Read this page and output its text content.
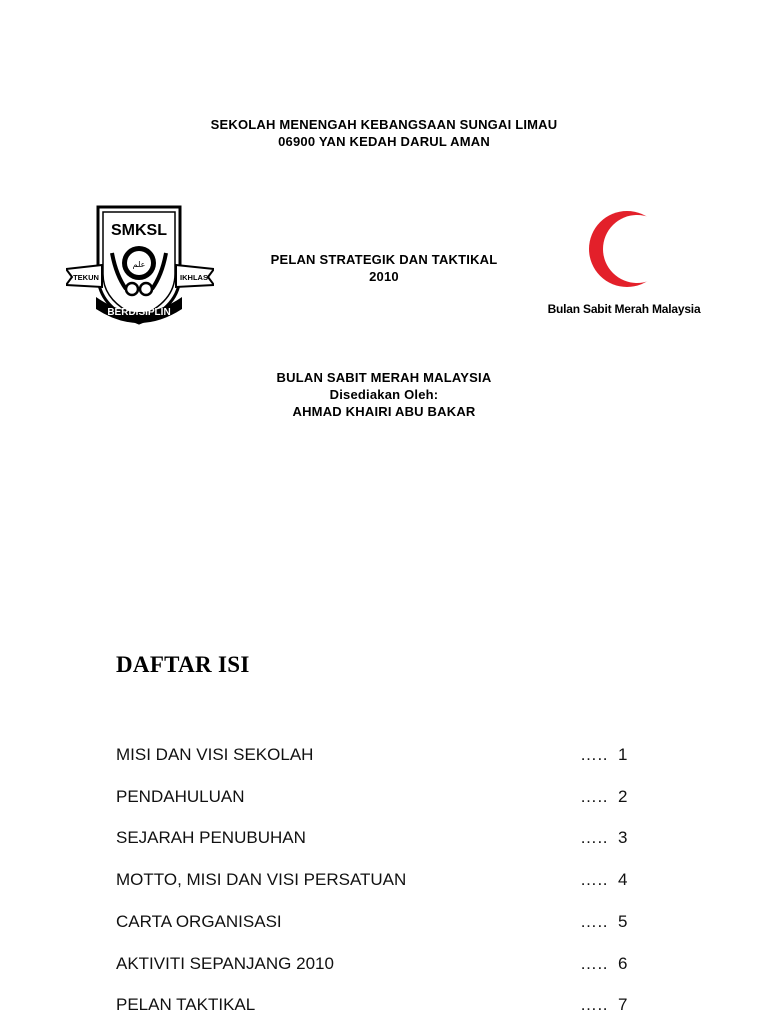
SEKOLAH MENENGAH KEBANGSAAN SUNGAI LIMAU
06900 YAN KEDAH DARUL AMAN
SMKSL
علم
TEKUN	IKHLAS
BERDISIPLIN
PELAN STRATEGIK DAN TAKTIKAL
2010
Bulan Sabit Merah Malaysia
BULAN SABIT MERAH MALAYSIA
Disediakan Oleh:
AHMAD KHAIRI ABU BAKAR
DAFTAR ISI
MISI DAN VISI SEKOLAH	….. 1
PENDAHULUAN	….. 2
SEJARAH PENUBUHAN	….. 3
MOTTO, MISI DAN VISI PERSATUAN	….. 4
CARTA ORGANISASI	….. 5
AKTIVITI SEPANJANG 2010	….. 6
PELAN TAKTIKAL	….. 7
